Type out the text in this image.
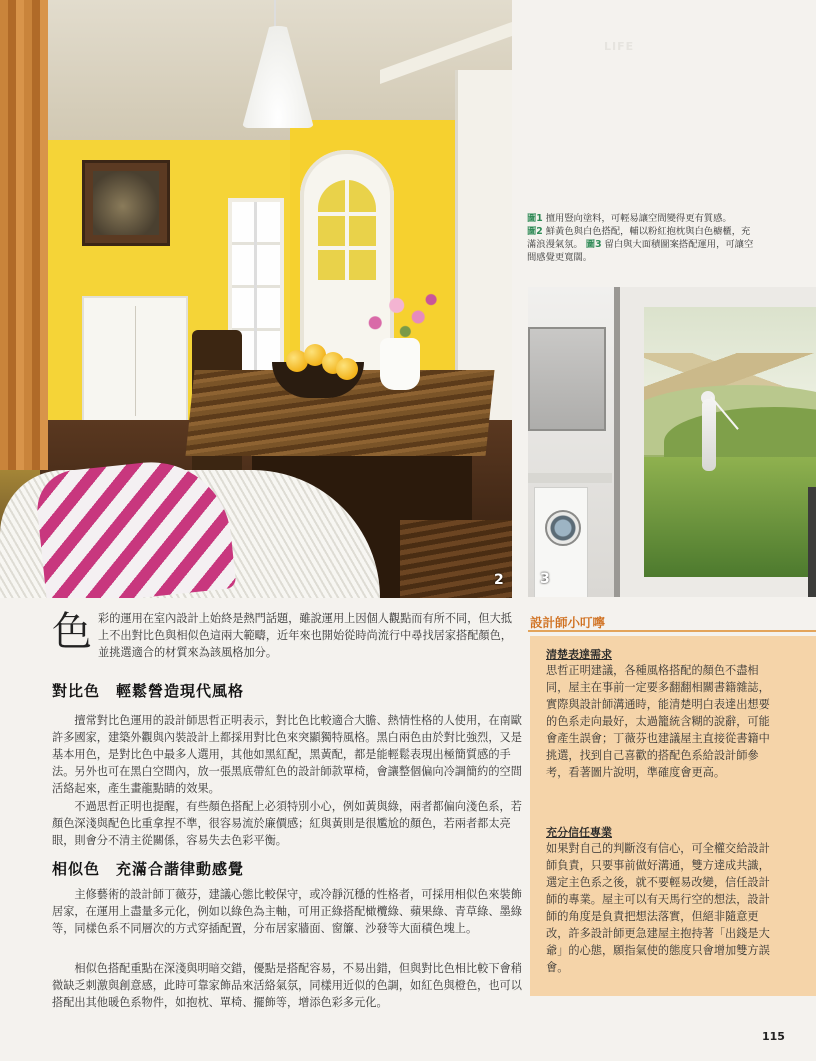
2
LIFE
圖1 擅用豎向塗料，可輕易讓空間變得更有質感。
圖2 鮮黃色與白色搭配，輔以粉紅抱枕與白色櫥櫃，充滿浪漫氣氛。 圖3 留白與大面積圖案搭配運用，可讓空間感覺更寬闊。
3
色 彩的運用在室內設計上始終是熱門話題，雖說運用上因個人觀點而有所不同，但大抵上不出對比色與相似色這兩大範疇，近年來也開始從時尚流行中尋找居家搭配顏色，並挑選適合的材質來為該風格加分。
對比色　輕鬆營造現代風格
擅常對比色運用的設計師思哲正明表示，對比色比較適合大膽、熱情性格的人使用，在南歐許多國家，建築外觀與內裝設計上都採用對比色來突顯獨特風格。黑白兩色由於對比強烈，又是基本用色，是對比色中最多人選用，其他如黑紅配，黑黃配，都是能輕鬆表現出極簡質感的手法。另外也可在黑白空間內，放一張黑底帶紅色的設計師款單椅，會讓整個偏向冷調簡約的空間活絡起來，產生畫龍點睛的效果。
不過思哲正明也提醒，有些顏色搭配上必須特別小心，例如黃與綠，兩者都偏向淺色系，若顏色深淺與配色比重拿捏不準，很容易流於廉價感；紅與黃則是很尷尬的顏色，若兩者都太亮眼，則會分不清主從關係，容易失去色彩平衡。
相似色　充滿合諧律動感覺
主修藝術的設計師丁薇芬，建議心態比較保守，或冷靜沉穩的性格者，可採用相似色來裝飾居家，在運用上盡量多元化，例如以綠色為主軸，可用正綠搭配橄欖綠、蘋果綠、青草綠、墨綠等，同樣色系不同層次的方式穿插配置，分布居家牆面、窗簾、沙發等大面積色塊上。
相似色搭配重點在深淺與明暗交錯，優點是搭配容易，不易出錯，但與對比色相比較下會稍微缺乏刺激與創意感，此時可靠家飾品來活絡氣氛，同樣用近似的色調，如紅色與橙色，也可以搭配出其他暖色系物件，如抱枕、單椅、擺飾等，增添色彩多元化。
設計師小叮嚀
清楚表達需求
思哲正明建議，各種風格搭配的顏色不盡相同，屋主在事前一定要多翻翻相關書籍雜誌，實際與設計師溝通時，能清楚明白表達出想要的色系走向最好，太過籠統含糊的說辭，可能會產生誤會；丁薇芬也建議屋主直接從書籍中挑選，找到自己喜歡的搭配色系給設計師參考，看著圖片說明，準確度會更高。
充分信任專業
如果對自己的判斷沒有信心，可全權交給設計師負責，只要事前做好溝通，雙方達成共識，選定主色系之後，就不要輕易改變，信任設計師的專業。屋主可以有天馬行空的想法，設計師的角度是負責把想法落實，但絕非隨意更改，許多設計師更急建屋主抱持著「出錢是大爺」的心態，願指氣使的態度只會增加雙方誤會。
115
